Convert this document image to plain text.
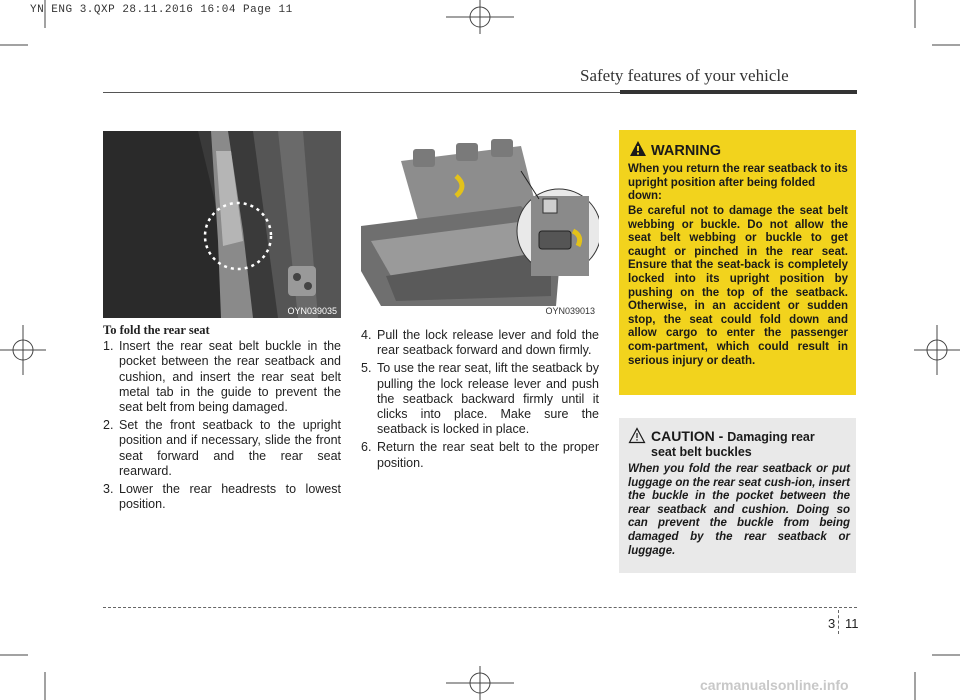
YN ENG 3.QXP 28.11.2016 16:04 Page 11
Safety features of your vehicle
OYN039035	OYN039013
To fold the rear seat
1. Insert the rear seat belt buckle in the pocket between the rear seatback and cushion, and insert the rear seat belt metal tab in the guide to prevent the seat belt from being damaged.
2. Set the front seatback to the upright position and if necessary, slide the front seat forward and the rear seat rearward.
3. Lower the rear headrests to lowest position.
4. Pull the lock release lever and fold the rear seatback forward and down firmly.
5. To use the rear seat, lift the seatback by pulling the lock release lever and push the seatback backward firmly until it clicks into place. Make sure the seatback is locked in place.
6. Return the rear seat belt to the proper position.
WARNING
When you return the rear seatback to its upright position after being folded down:
Be careful not to damage the seat belt webbing or buckle. Do not allow the seat belt webbing or buckle to get caught or pinched in the rear seat. Ensure that the seat-back is completely locked into its upright position by pushing on the top of the seatback. Otherwise, in an accident or sudden stop, the seat could fold down and allow cargo to enter the passenger com-partment, which could result in serious injury or death.
CAUTION - Damaging rear
seat belt buckles
When you fold the rear seatback or put luggage on the rear seat cush-ion, insert the buckle in the pocket between the rear seatback and cushion. Doing so can prevent the buckle from being damaged by the rear seatback or luggage.
3 11
carmanualsonline.info
